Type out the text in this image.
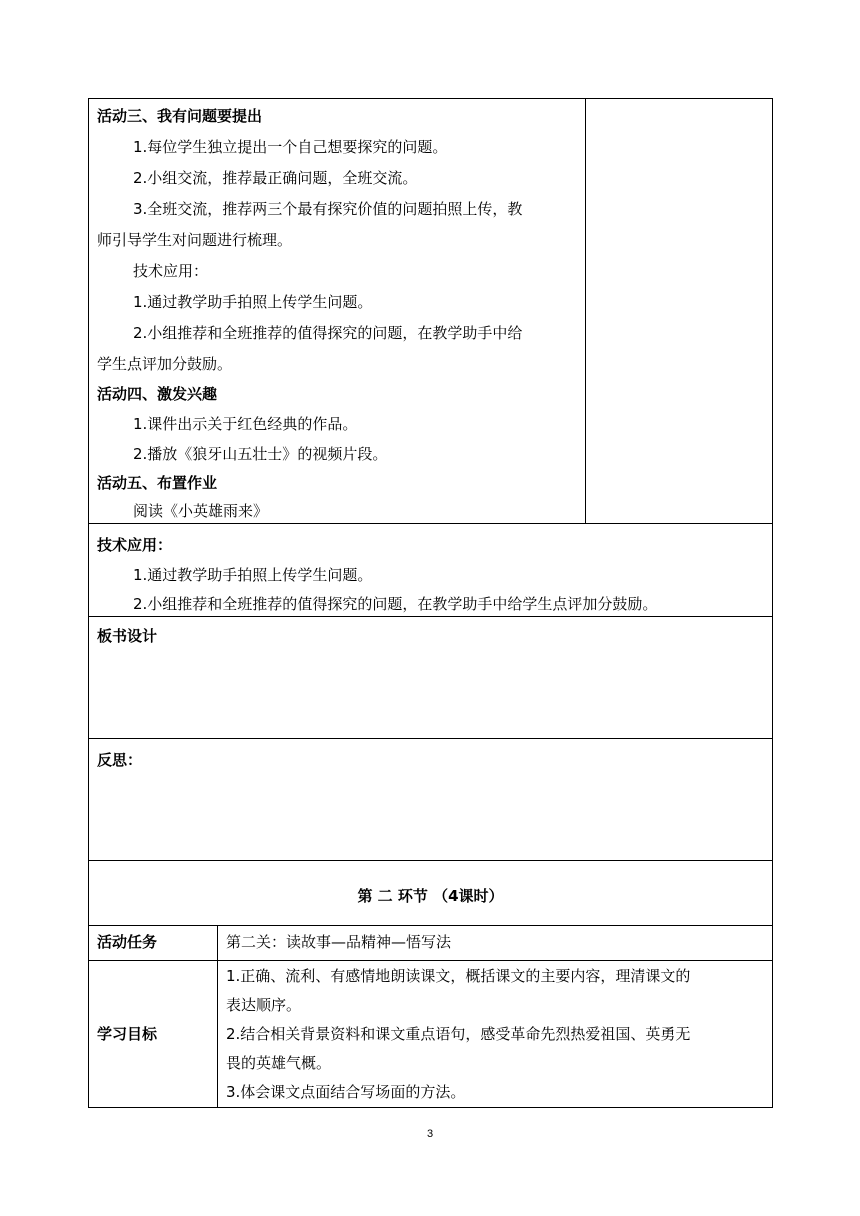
活动三、我有问题要提出
1.每位学生独立提出一个自己想要探究的问题。
2.小组交流，推荐最正确问题，全班交流。
3.全班交流，推荐两三个最有探究价值的问题拍照上传，教
师引导学生对问题进行梳理。
技术应用：
1.通过教学助手拍照上传学生问题。
2.小组推荐和全班推荐的值得探究的问题，在教学助手中给
学生点评加分鼓励。
活动四、激发兴趣
1.课件出示关于红色经典的作品。
2.播放《狼牙山五壮士》的视频片段。
活动五、布置作业
阅读《小英雄雨来》
技术应用：
1.通过教学助手拍照上传学生问题。
2.小组推荐和全班推荐的值得探究的问题，在教学助手中给学生点评加分鼓励。
板书设计
反思：
第 二 环节 （4课时）
活动任务	第二关：读故事—品精神—悟写法
学习目标
1.正确、流利、有感情地朗读课文，概括课文的主要内容，理清课文的
表达顺序。
2.结合相关背景资料和课文重点语句，感受革命先烈热爱祖国、英勇无
畏的英雄气概。
3.体会课文点面结合写场面的方法。
3
